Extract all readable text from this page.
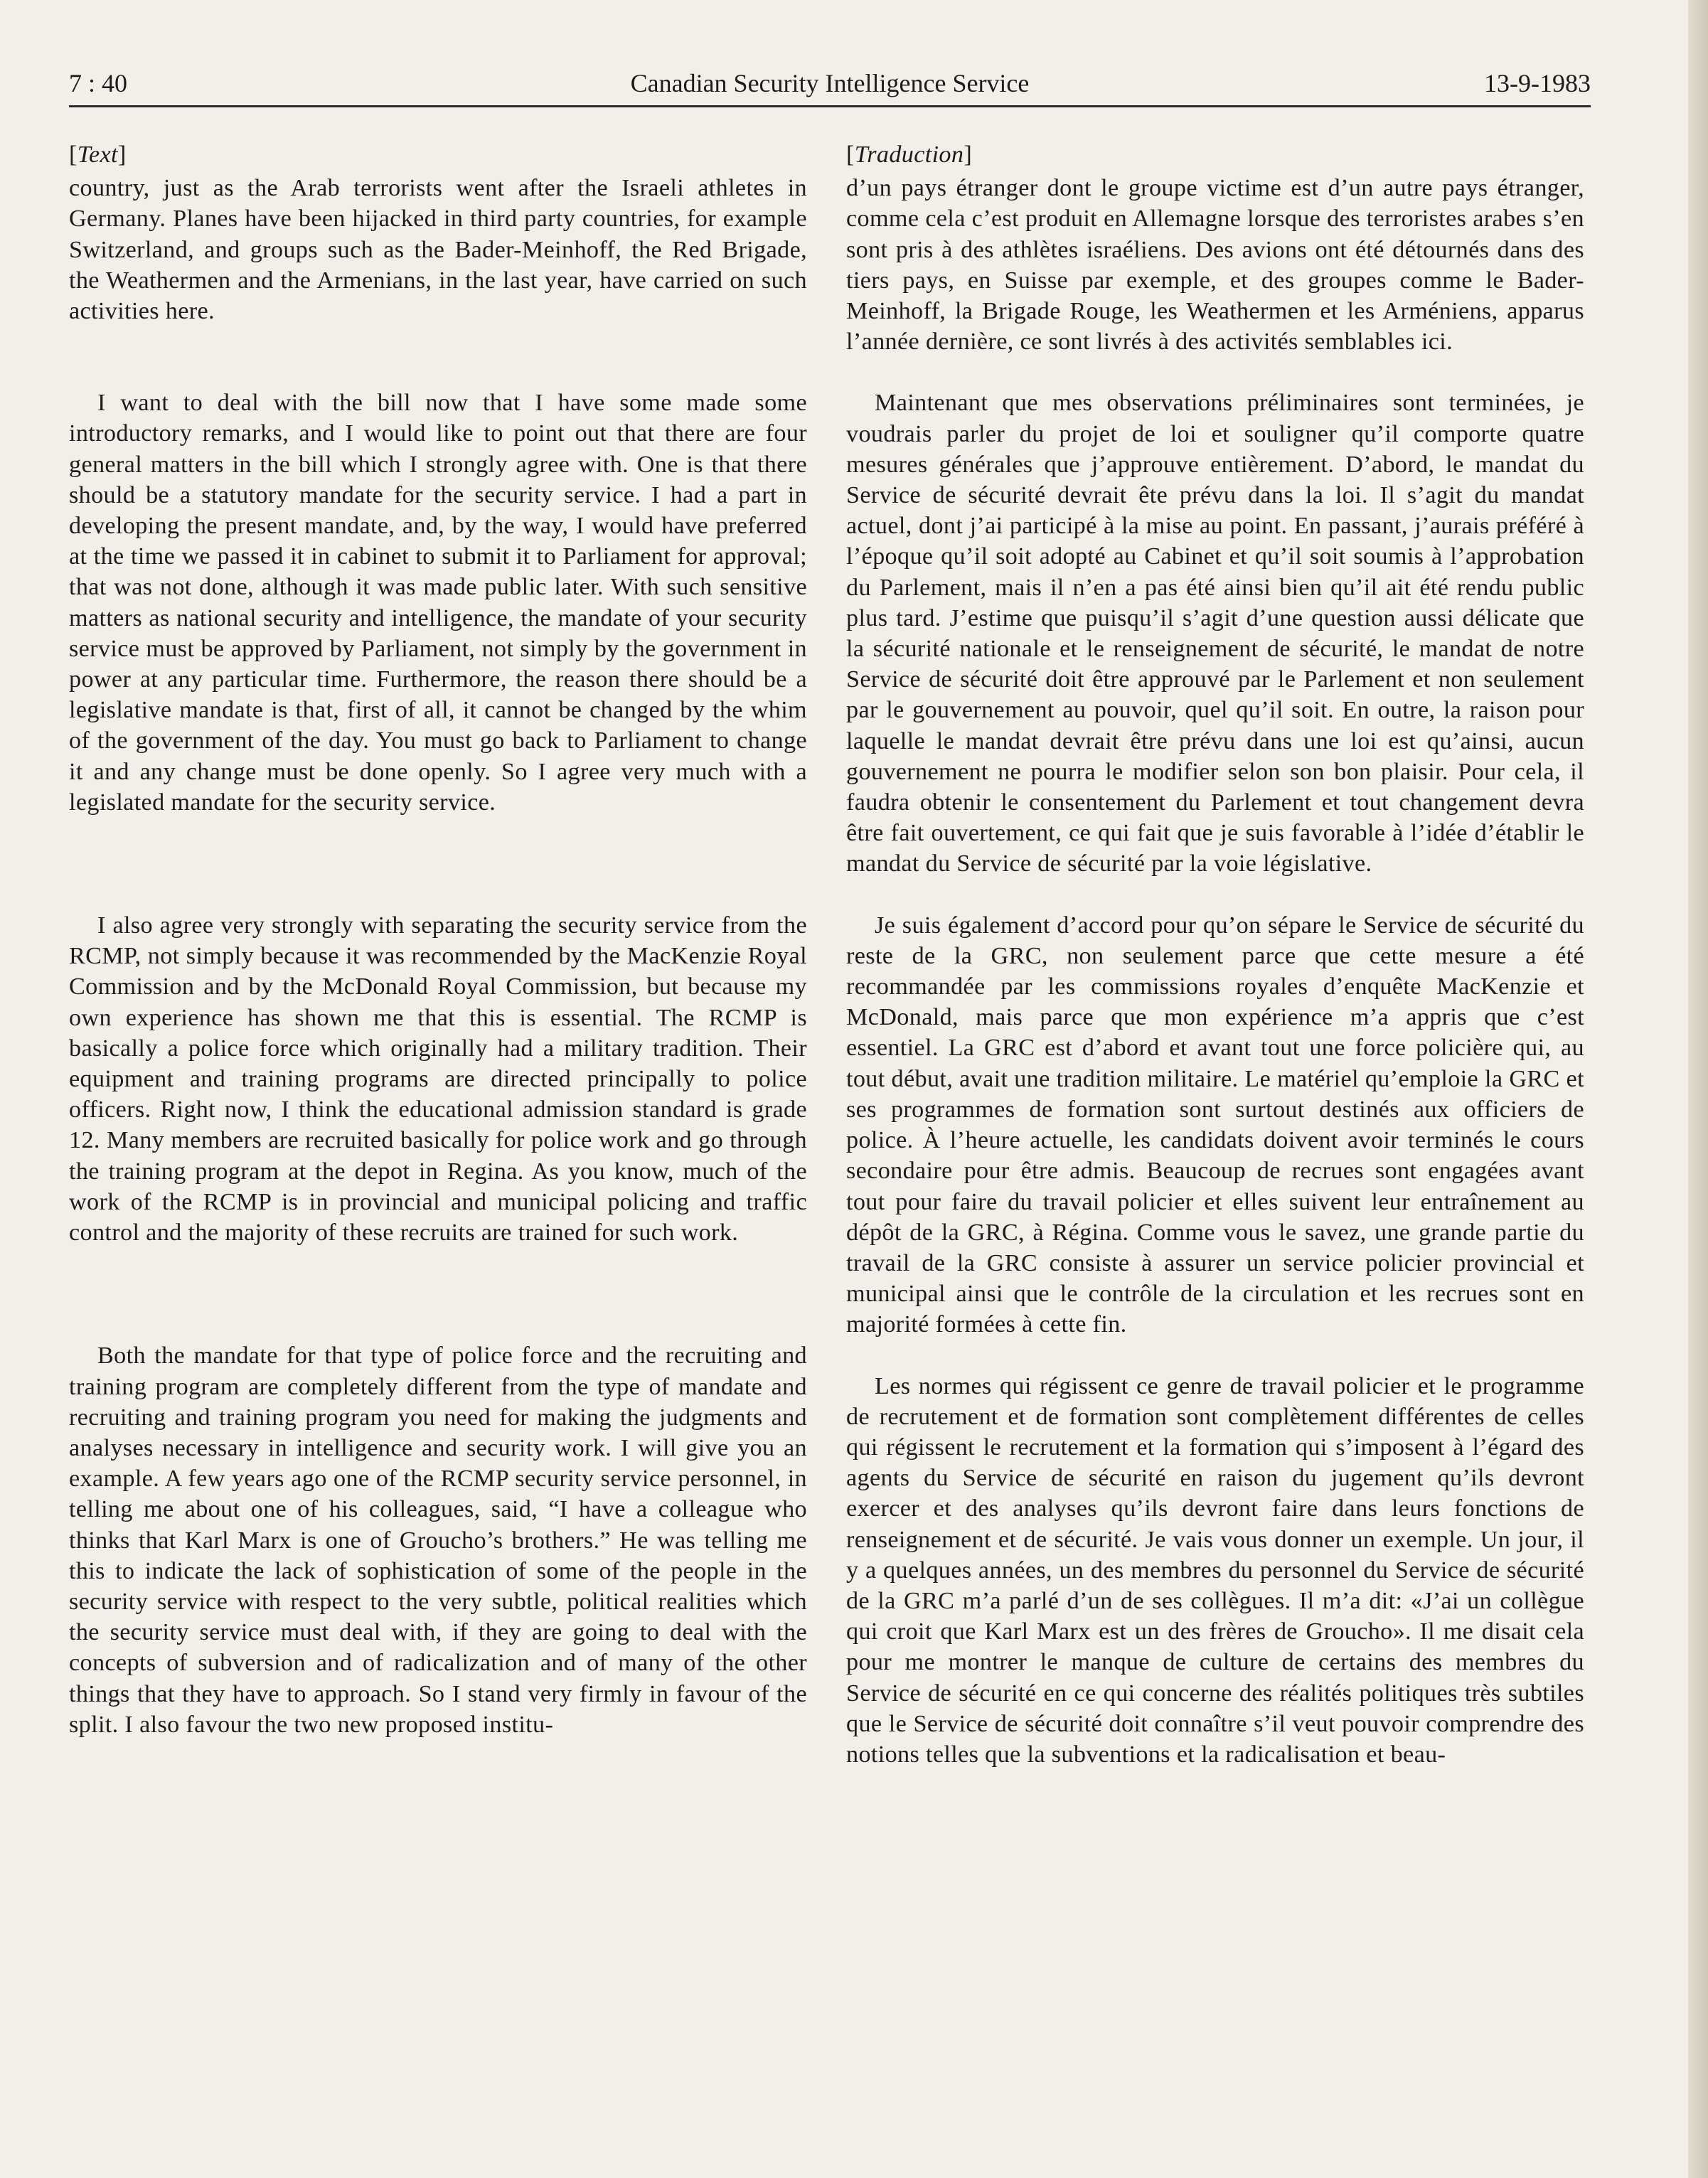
7 : 40	Canadian Security Intelligence Service	13-9-1983
[Text]

country, just as the Arab terrorists went after the Israeli athletes in Germany. Planes have been hijacked in third party countries, for example Switzerland, and groups such as the Bader-Meinhoff, the Red Brigade, the Weathermen and the Armenians, in the last year, have carried on such activities here.

I want to deal with the bill now that I have some made some introductory remarks, and I would like to point out that there are four general matters in the bill which I strongly agree with. One is that there should be a statutory mandate for the security service. I had a part in developing the present mandate, and, by the way, I would have preferred at the time we passed it in cabinet to submit it to Parliament for approval; that was not done, although it was made public later. With such sensitive matters as national security and intelligence, the mandate of your security service must be approved by Parliament, not simply by the government in power at any particular time. Furthermore, the reason there should be a legislative mandate is that, first of all, it cannot be changed by the whim of the government of the day. You must go back to Parliament to change it and any change must be done openly. So I agree very much with a legislated mandate for the security service.

I also agree very strongly with separating the security service from the RCMP, not simply because it was recommended by the MacKenzie Royal Commission and by the McDonald Royal Commission, but because my own experience has shown me that this is essential. The RCMP is basically a police force which originally had a military tradition. Their equipment and training programs are directed principally to police officers. Right now, I think the educational admission standard is grade 12. Many members are recruited basically for police work and go through the training program at the depot in Regina. As you know, much of the work of the RCMP is in provincial and municipal policing and traffic control and the majority of these recruits are trained for such work.

Both the mandate for that type of police force and the recruiting and training program are completely different from the type of mandate and recruiting and training program you need for making the judgments and analyses necessary in intelligence and security work. I will give you an example. A few years ago one of the RCMP security service personnel, in telling me about one of his colleagues, said, “I have a colleague who thinks that Karl Marx is one of Groucho’s brothers.” He was telling me this to indicate the lack of sophistication of some of the people in the security service with respect to the very subtle, political realities which the security service must deal with, if they are going to deal with the concepts of subversion and of radicalization and of many of the other things that they have to approach. So I stand very firmly in favour of the split. I also favour the two new proposed institu-

[Traduction]

d’un pays étranger dont le groupe victime est d’un autre pays étranger, comme cela c’est produit en Allemagne lorsque des terroristes arabes s’en sont pris à des athlètes israéliens. Des avions ont été détournés dans des tiers pays, en Suisse par exemple, et des groupes comme le Bader-Meinhoff, la Brigade Rouge, les Weathermen et les Arméniens, apparus l’année dernière, ce sont livrés à des activités semblables ici.

Maintenant que mes observations préliminaires sont terminées, je voudrais parler du projet de loi et souligner qu’il comporte quatre mesures générales que j’approuve entièrement. D’abord, le mandat du Service de sécurité devrait ête prévu dans la loi. Il s’agit du mandat actuel, dont j’ai participé à la mise au point. En passant, j’aurais préféré à l’époque qu’il soit adopté au Cabinet et qu’il soit soumis à l’approbation du Parlement, mais il n’en a pas été ainsi bien qu’il ait été rendu public plus tard. J’estime que puisqu’il s’agit d’une question aussi délicate que la sécurité nationale et le renseignement de sécurité, le mandat de notre Service de sécurité doit être approuvé par le Parlement et non seulement par le gouvernement au pouvoir, quel qu’il soit. En outre, la raison pour laquelle le mandat devrait être prévu dans une loi est qu’ainsi, aucun gouvernement ne pourra le modifier selon son bon plaisir. Pour cela, il faudra obtenir le consentement du Parlement et tout changement devra être fait ouvertement, ce qui fait que je suis favorable à l’idée d’établir le mandat du Service de sécurité par la voie législative.

Je suis également d’accord pour qu’on sépare le Service de sécurité du reste de la GRC, non seulement parce que cette mesure a été recommandée par les commissions royales d’enquête MacKenzie et McDonald, mais parce que mon expérience m’a appris que c’est essentiel. La GRC est d’abord et avant tout une force policière qui, au tout début, avait une tradition militaire. Le matériel qu’emploie la GRC et ses programmes de formation sont surtout destinés aux officiers de police. À l’heure actuelle, les candidats doivent avoir terminés le cours secondaire pour être admis. Beaucoup de recrues sont engagées avant tout pour faire du travail policier et elles suivent leur entraînement au dépôt de la GRC, à Régina. Comme vous le savez, une grande partie du travail de la GRC consiste à assurer un service policier provincial et municipal ainsi que le contrôle de la circulation et les recrues sont en majorité formées à cette fin.

Les normes qui régissent ce genre de travail policier et le programme de recrutement et de formation sont complètement différentes de celles qui régissent le recrutement et la formation qui s’imposent à l’égard des agents du Service de sécurité en raison du jugement qu’ils devront exercer et des analyses qu’ils devront faire dans leurs fonctions de renseignement et de sécurité. Je vais vous donner un exemple. Un jour, il y a quelques années, un des membres du personnel du Service de sécurité de la GRC m’a parlé d’un de ses collègues. Il m’a dit: «J’ai un collègue qui croit que Karl Marx est un des frères de Groucho». Il me disait cela pour me montrer le manque de culture de certains des membres du Service de sécurité en ce qui concerne des réalités politiques très subtiles que le Service de sécurité doit connaître s’il veut pouvoir comprendre des notions telles que la subventions et la radicalisation et beau-
